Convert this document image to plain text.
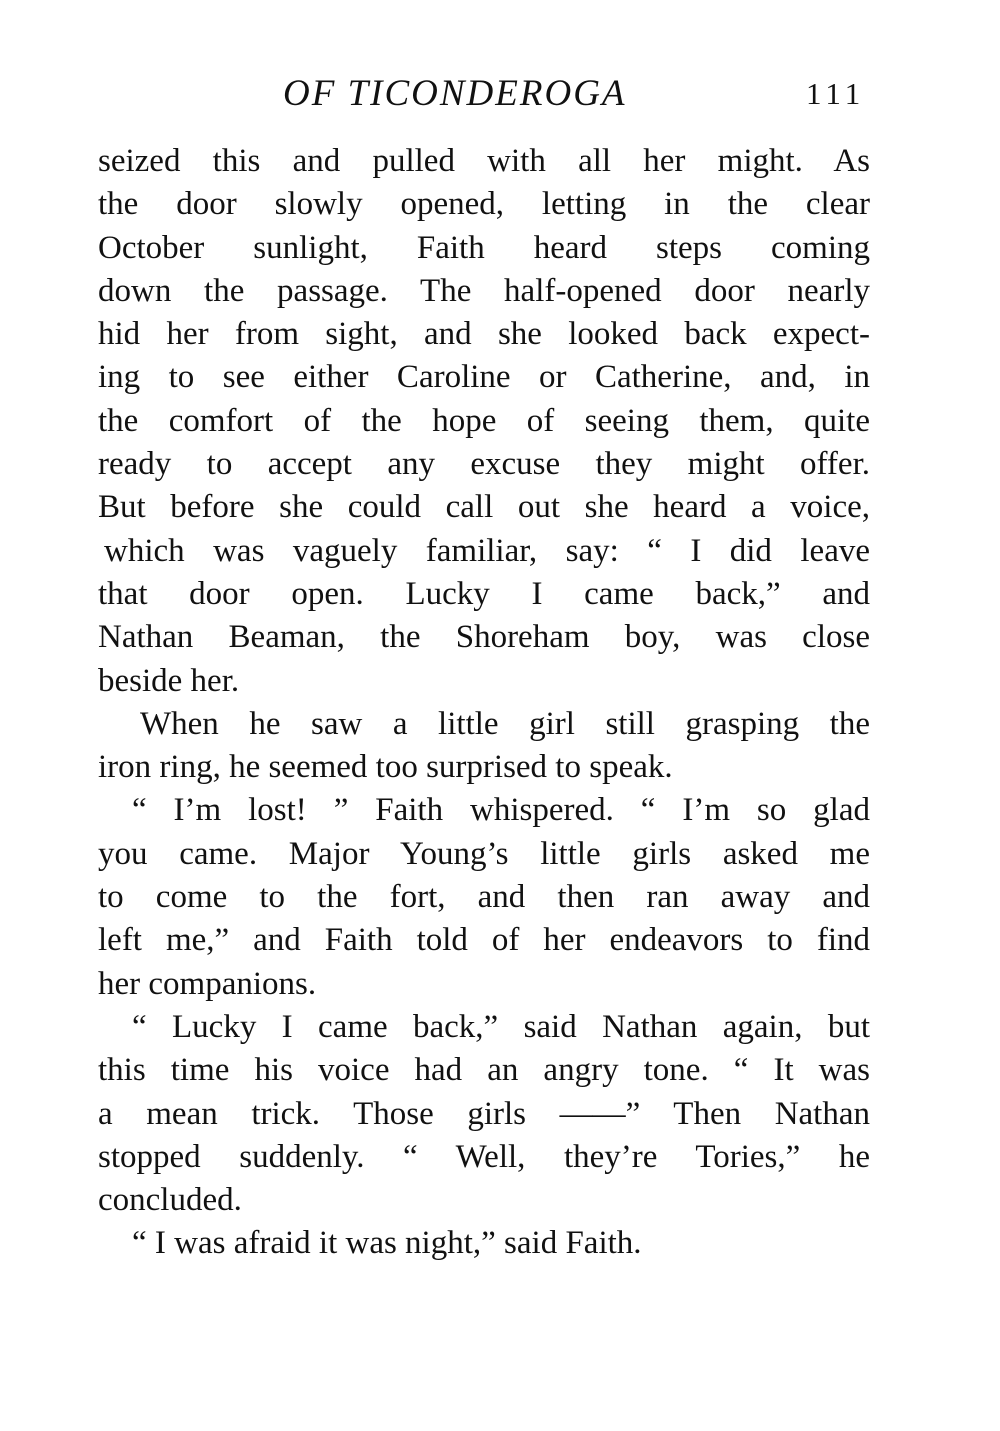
OF TICONDEROGA	111
seized this and pulled with all her might. As
the door slowly opened, letting in the clear
October sunlight, Faith heard steps coming
down the passage. The half-opened door nearly
hid her from sight, and she looked back expect-
ing to see either Caroline or Catherine, and, in
the comfort of the hope of seeing them, quite
ready to accept any excuse they might offer.
But before she could call out she heard a voice,
which was vaguely familiar, say: “ I did leave
that door open. Lucky I came back,” and
Nathan Beaman, the Shoreham boy, was close
beside her.
When he saw a little girl still grasping the
iron ring, he seemed too surprised to speak.
“ I’m lost! ” Faith whispered. “ I’m so glad
you came. Major Young’s little girls asked me
to come to the fort, and then ran away and
left me,” and Faith told of her endeavors to find
her companions.
“ Lucky I came back,” said Nathan again, but
this time his voice had an angry tone. “ It was
a mean trick. Those girls ——” Then Nathan
stopped suddenly. “ Well, they’re Tories,” he
concluded.
“ I was afraid it was night,” said Faith.
